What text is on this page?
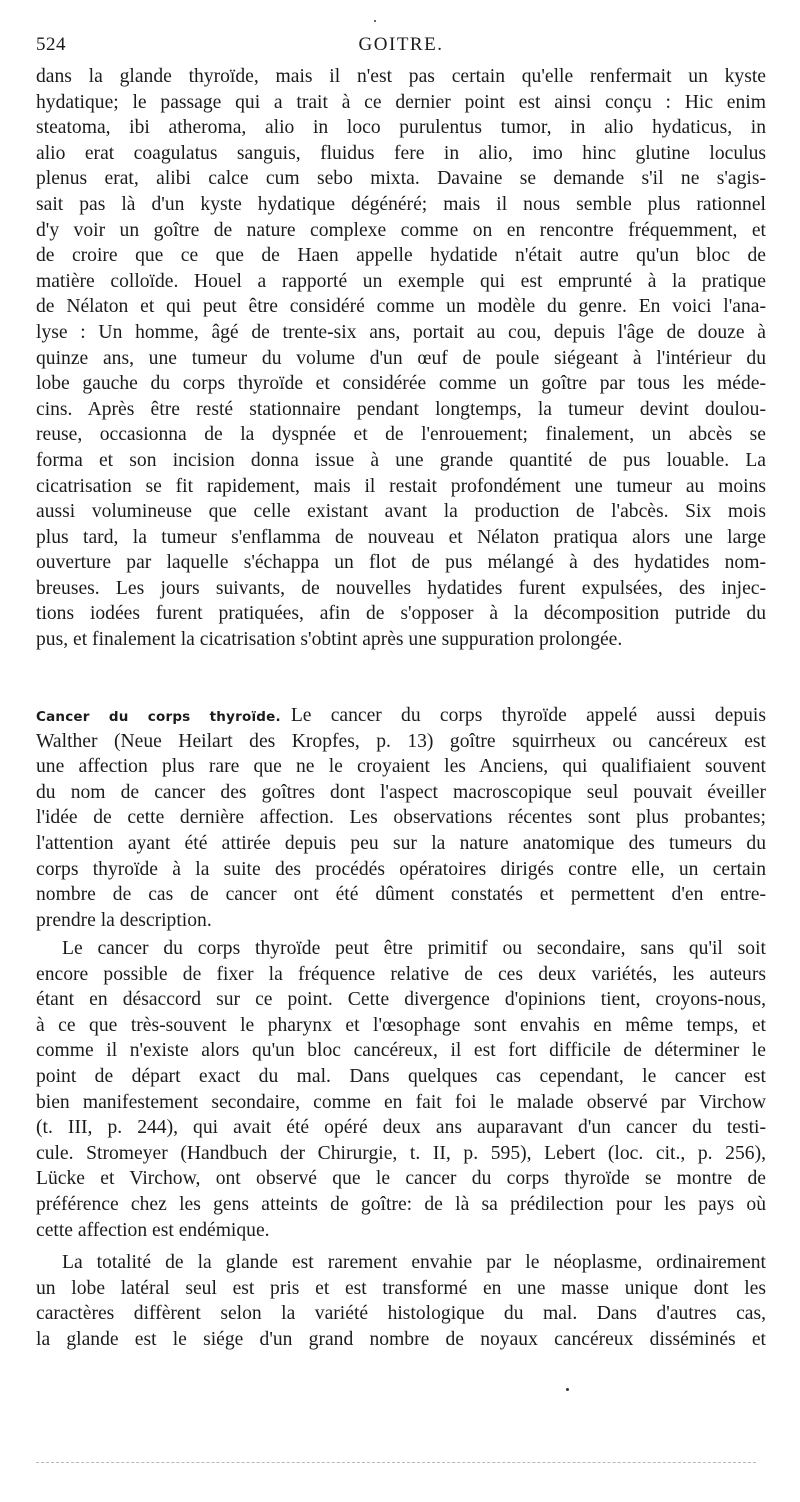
524	GOITRE.
dans la glande thyroïde, mais il n'est pas certain qu'elle renfermait un kyste
hydatique; le passage qui a trait à ce dernier point est ainsi conçu : Hic enim
steatoma, ibi atheroma, alio in loco purulentus tumor, in alio hydaticus, in
alio erat coagulatus sanguis, fluidus fere in alio, imo hinc glutine loculus
plenus erat, alibi calce cum sebo mixta. Davaine se demande s'il ne s'agis-
sait pas là d'un kyste hydatique dégénéré; mais il nous semble plus rationnel
d'y voir un goître de nature complexe comme on en rencontre fréquemment, et
de croire que ce que de Haen appelle hydatide n'était autre qu'un bloc de
matière colloïde. Houel a rapporté un exemple qui est emprunté à la pratique
de Nélaton et qui peut être considéré comme un modèle du genre. En voici l'ana-
lyse : Un homme, âgé de trente-six ans, portait au cou, depuis l'âge de douze à
quinze ans, une tumeur du volume d'un œuf de poule siégeant à l'intérieur du
lobe gauche du corps thyroïde et considérée comme un goître par tous les méde-
cins. Après être resté stationnaire pendant longtemps, la tumeur devint doulou-
reuse, occasionna de la dyspnée et de l'enrouement; finalement, un abcès se
forma et son incision donna issue à une grande quantité de pus louable. La
cicatrisation se fit rapidement, mais il restait profondément une tumeur au moins
aussi volumineuse que celle existant avant la production de l'abcès. Six mois
plus tard, la tumeur s'enflamma de nouveau et Nélaton pratiqua alors une large
ouverture par laquelle s'échappa un flot de pus mélangé à des hydatides nom-
breuses. Les jours suivants, de nouvelles hydatides furent expulsées, des injec-
tions iodées furent pratiquées, afin de s'opposer à la décomposition putride du
pus, et finalement la cicatrisation s'obtint après une suppuration prolongée.
Cancer du corps thyroïde. Le cancer du corps thyroïde appelé aussi depuis
Walther (Neue Heilart des Kropfes, p. 13) goître squirrheux ou cancéreux est
une affection plus rare que ne le croyaient les Anciens, qui qualifiaient souvent
du nom de cancer des goîtres dont l'aspect macroscopique seul pouvait éveiller
l'idée de cette dernière affection. Les observations récentes sont plus probantes;
l'attention ayant été attirée depuis peu sur la nature anatomique des tumeurs du
corps thyroïde à la suite des procédés opératoires dirigés contre elle, un certain
nombre de cas de cancer ont été dûment constatés et permettent d'en entre-
prendre la description.
Le cancer du corps thyroïde peut être primitif ou secondaire, sans qu'il soit
encore possible de fixer la fréquence relative de ces deux variétés, les auteurs
étant en désaccord sur ce point. Cette divergence d'opinions tient, croyons-nous,
à ce que très-souvent le pharynx et l'œsophage sont envahis en même temps, et
comme il n'existe alors qu'un bloc cancéreux, il est fort difficile de déterminer le
point de départ exact du mal. Dans quelques cas cependant, le cancer est
bien manifestement secondaire, comme en fait foi le malade observé par Virchow
(t. III, p. 244), qui avait été opéré deux ans auparavant d'un cancer du testi-
cule. Stromeyer (Handbuch der Chirurgie, t. II, p. 595), Lebert (loc. cit., p. 256),
Lücke et Virchow, ont observé que le cancer du corps thyroïde se montre de
préférence chez les gens atteints de goître: de là sa prédilection pour les pays où
cette affection est endémique.
La totalité de la glande est rarement envahie par le néoplasme, ordinairement
un lobe latéral seul est pris et est transformé en une masse unique dont les
caractères diffèrent selon la variété histologique du mal. Dans d'autres cas,
la glande est le siége d'un grand nombre de noyaux cancéreux disséminés et
